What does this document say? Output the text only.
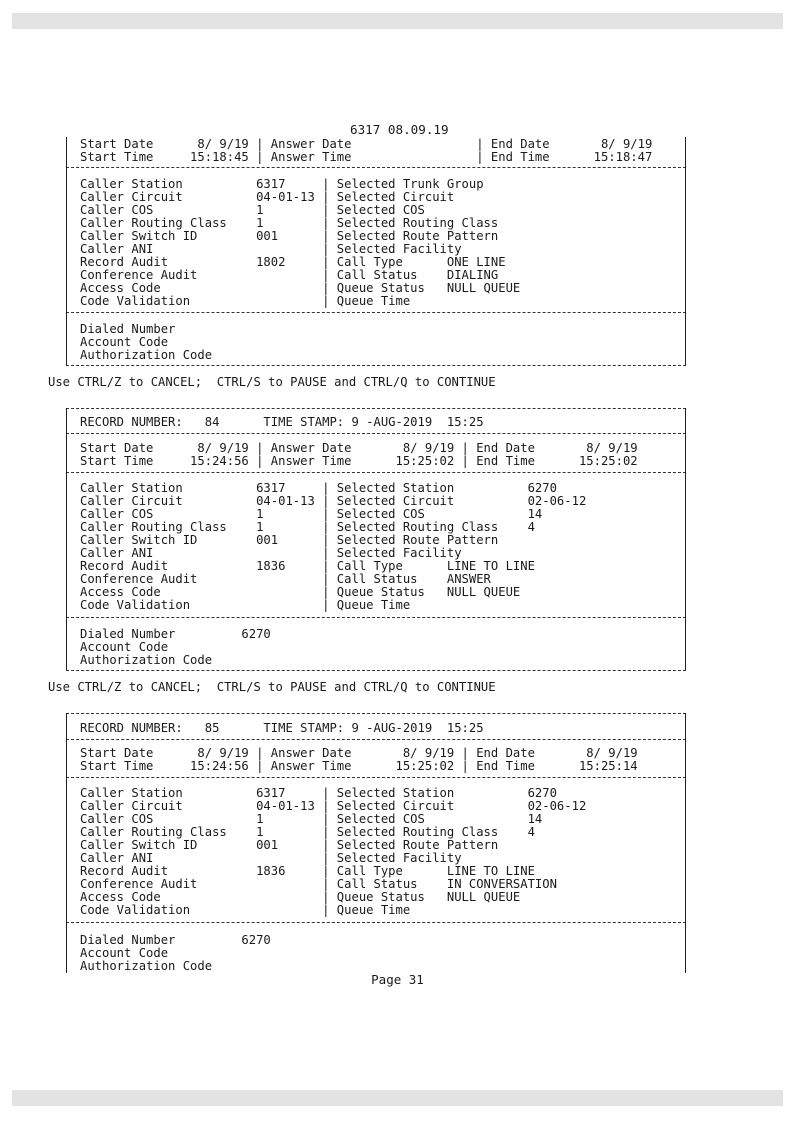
6317 08.09.19
Start Date      8/ 9/19 | Answer Date                 | End Date       8/ 9/19
Start Time     15:18:45 | Answer Time                 | End Time      15:18:47
Caller Station          6317     | Selected Trunk Group
Caller Circuit          04-01-13 | Selected Circuit
Caller COS              1        | Selected COS
Caller Routing Class    1        | Selected Routing Class
Caller Switch ID        001      | Selected Route Pattern
Caller ANI                       | Selected Facility
Record Audit            1802     | Call Type      ONE LINE
Conference Audit                 | Call Status    DIALING
Access Code                      | Queue Status   NULL QUEUE
Code Validation                  | Queue Time
Dialed Number
Account Code
Authorization Code
Use CTRL/Z to CANCEL;  CTRL/S to PAUSE and CTRL/Q to CONTINUE
RECORD NUMBER:   84      TIME STAMP: 9 -AUG-2019  15:25
Start Date      8/ 9/19 | Answer Date       8/ 9/19 | End Date       8/ 9/19
Start Time     15:24:56 | Answer Time      15:25:02 | End Time      15:25:02
Caller Station          6317     | Selected Station          6270
Caller Circuit          04-01-13 | Selected Circuit          02-06-12
Caller COS              1        | Selected COS              14
Caller Routing Class    1        | Selected Routing Class    4
Caller Switch ID        001      | Selected Route Pattern
Caller ANI                       | Selected Facility
Record Audit            1836     | Call Type      LINE TO LINE
Conference Audit                 | Call Status    ANSWER
Access Code                      | Queue Status   NULL QUEUE
Code Validation                  | Queue Time
Dialed Number         6270
Account Code
Authorization Code
Use CTRL/Z to CANCEL;  CTRL/S to PAUSE and CTRL/Q to CONTINUE
RECORD NUMBER:   85      TIME STAMP: 9 -AUG-2019  15:25
Start Date      8/ 9/19 | Answer Date       8/ 9/19 | End Date       8/ 9/19
Start Time     15:24:56 | Answer Time      15:25:02 | End Time      15:25:14
Caller Station          6317     | Selected Station          6270
Caller Circuit          04-01-13 | Selected Circuit          02-06-12
Caller COS              1        | Selected COS              14
Caller Routing Class    1        | Selected Routing Class    4
Caller Switch ID        001      | Selected Route Pattern
Caller ANI                       | Selected Facility
Record Audit            1836     | Call Type      LINE TO LINE
Conference Audit                 | Call Status    IN CONVERSATION
Access Code                      | Queue Status   NULL QUEUE
Code Validation                  | Queue Time
Dialed Number         6270
Account Code
Authorization Code
Page 31
